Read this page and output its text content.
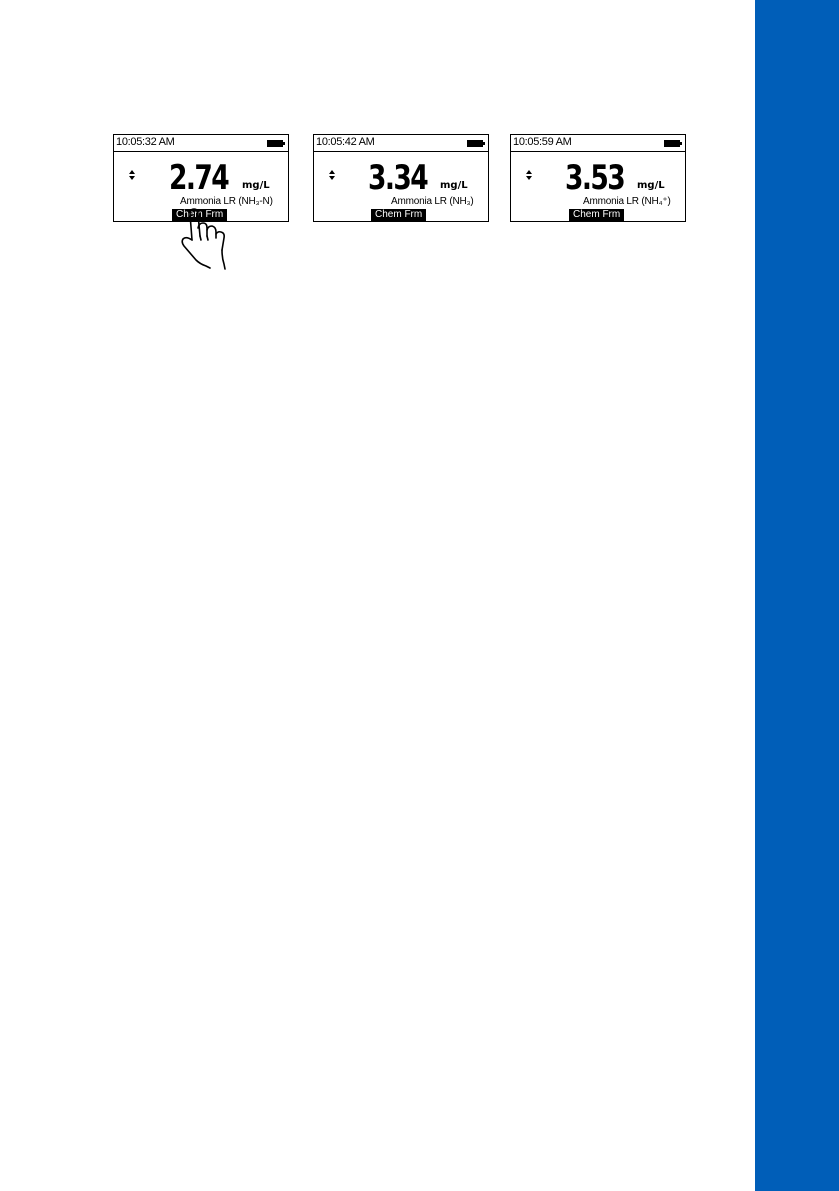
10:05:32 AM
2.74 mg/L
Ammonia LR (NH₃-N)
Chem Frm
10:05:42 AM
3.34 mg/L
Ammonia LR (NH₃)
Chem Frm
10:05:59 AM
3.53 mg/L
Ammonia LR (NH₄⁺)
Chem Frm
